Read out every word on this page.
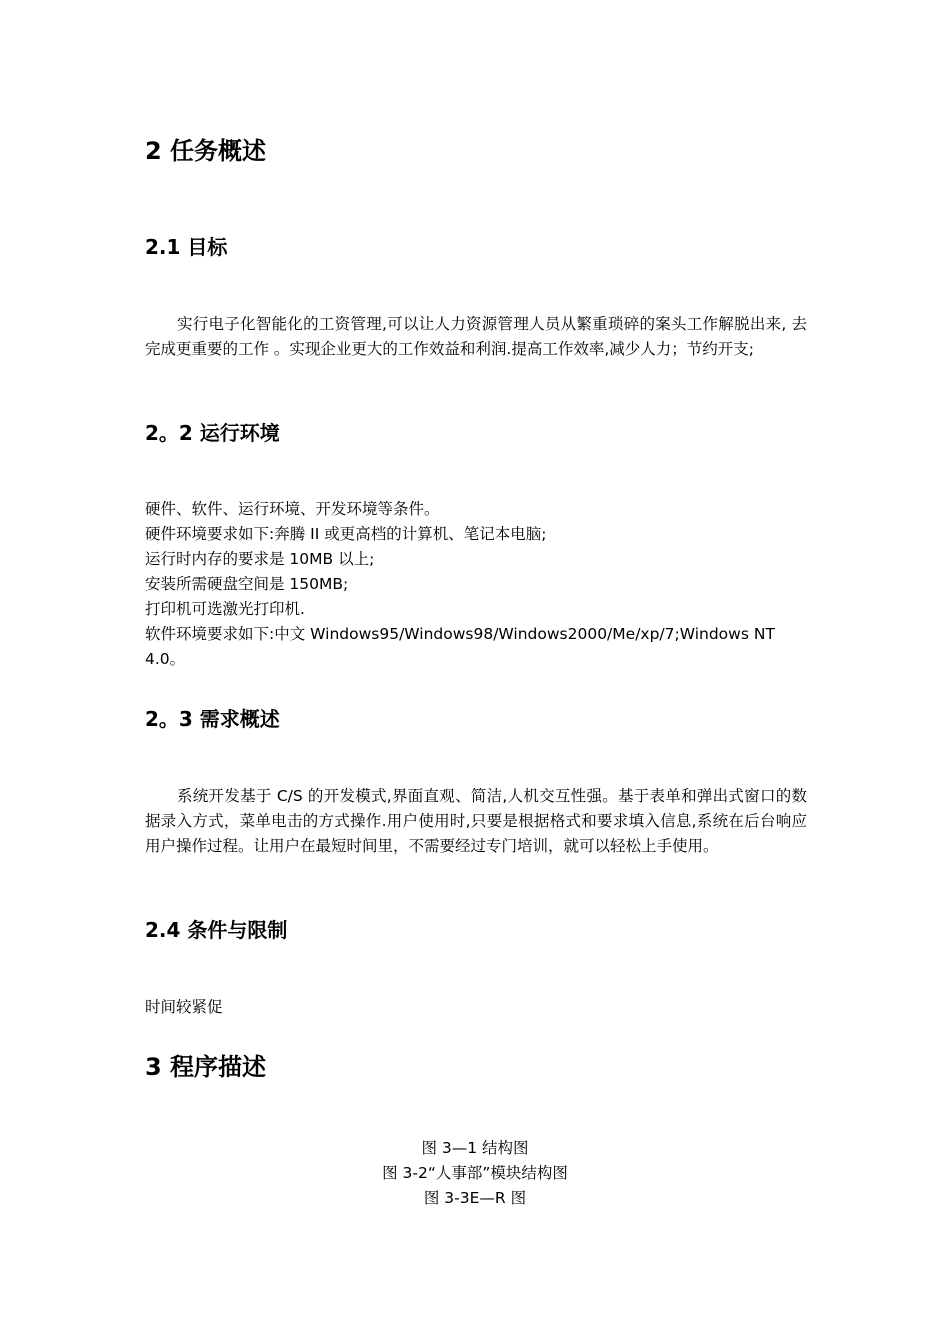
2 任务概述
2.1 目标

实行电子化智能化的工资管理,可以让人力资源管理人员从繁重琐碎的案头工作解脱出来, 去完成更重要的工作 。实现企业更大的工作效益和利润.提高工作效率,减少人力；节约开支;

2。2 运行环境
硬件、软件、运行环境、开发环境等条件。
硬件环境要求如下:奔腾 II 或更高档的计算机、笔记本电脑;
运行时内存的要求是 10MB 以上;
安装所需硬盘空间是 150MB;
打印机可选激光打印机.
软件环境要求如下:中文 Windows95/Windows98/Windows2000/Me/xp/7;Windows NT 4.0。
2。3 需求概述

系统开发基于 C/S 的开发模式,界面直观、简洁,人机交互性强。基于表单和弹出式窗口的数据录入方式，菜单电击的方式操作.用户使用时,只要是根据格式和要求填入信息,系统在后台响应用户操作过程。让用户在最短时间里，不需要经过专门培训，就可以轻松上手使用。

2.4 条件与限制

时间较紧促

3 程序描述
图 3—1 结构图
图 3-2“人事部”模块结构图
图 3-3E—R 图
